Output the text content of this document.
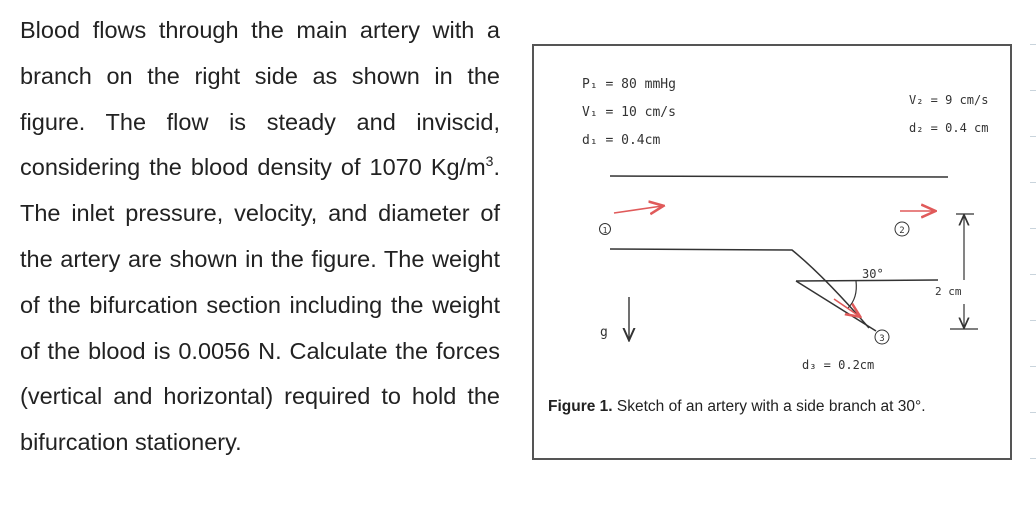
Blood flows through the main artery with a branch on the right side as shown in the figure. The flow is steady and inviscid, considering the blood density of 1070 $Kg/m^3$. The inlet pressure, velocity, and diameter of the artery are shown in the figure. The weight of the bifurcation section including the weight of the blood is 0.0056 N. Calculate the forces (vertical and horizontal) required to hold the bifurcation stationery.

P₁ = 80 mmHg
V₁ = 10 cm/s
d₁ = 0.4cm
V₂ = 9 cm/s
d₂ = 0.4 cm
30°
1	2
3
d₃ = 0.2cm
g
2 cm
Figure 1. Sketch of an artery with a side branch at 30°.
